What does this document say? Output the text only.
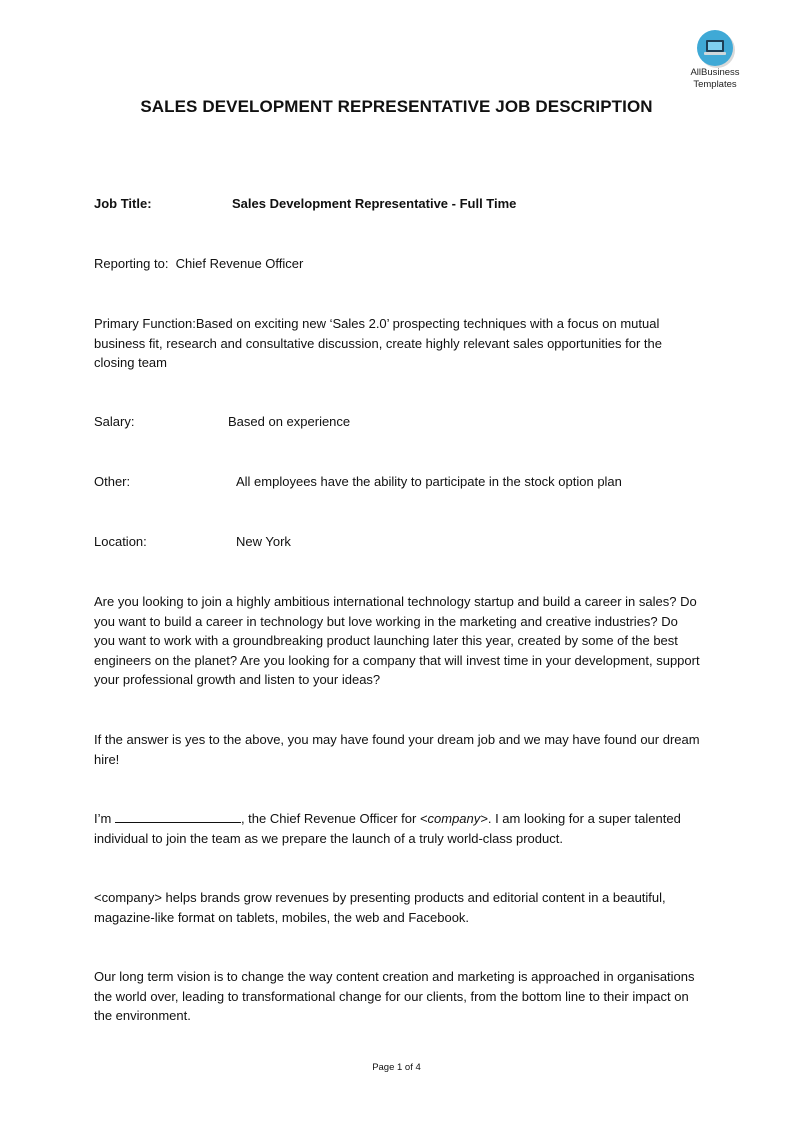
AllBusiness
Templates
SALES DEVELOPMENT REPRESENTATIVE JOB DESCRIPTION
Job Title:	Sales Development Representative - Full Time
Reporting to: Chief Revenue Officer
Primary Function:Based on exciting new ‘Sales 2.0’ prospecting techniques with a focus on mutual business fit, research and consultative discussion, create highly relevant sales opportunities for the closing team
Salary:	Based on experience
Other:	All employees have the ability to participate in the stock option plan
Location:	New York
Are you looking to join a highly ambitious international technology startup and build a career in sales? Do you want to build a career in technology but love working in the marketing and creative industries? Do you want to work with a groundbreaking product launching later this year, created by some of the best engineers on the planet? Are you looking for a company that will invest time in your development, support your professional growth and listen to your ideas?
If the answer is yes to the above, you may have found your dream job and we may have found our dream hire!
I’m	, the Chief Revenue Officer for <company>. I am looking for a super talented individual to join the team as we prepare the launch of a truly world-class product.
<company> helps brands grow revenues by presenting products and editorial content in a beautiful, magazine-like format on tablets, mobiles, the web and Facebook.
Our long term vision is to change the way content creation and marketing is approached in organisations the world over, leading to transformational change for our clients, from the bottom line to their impact on the environment.
Page 1 of 4
